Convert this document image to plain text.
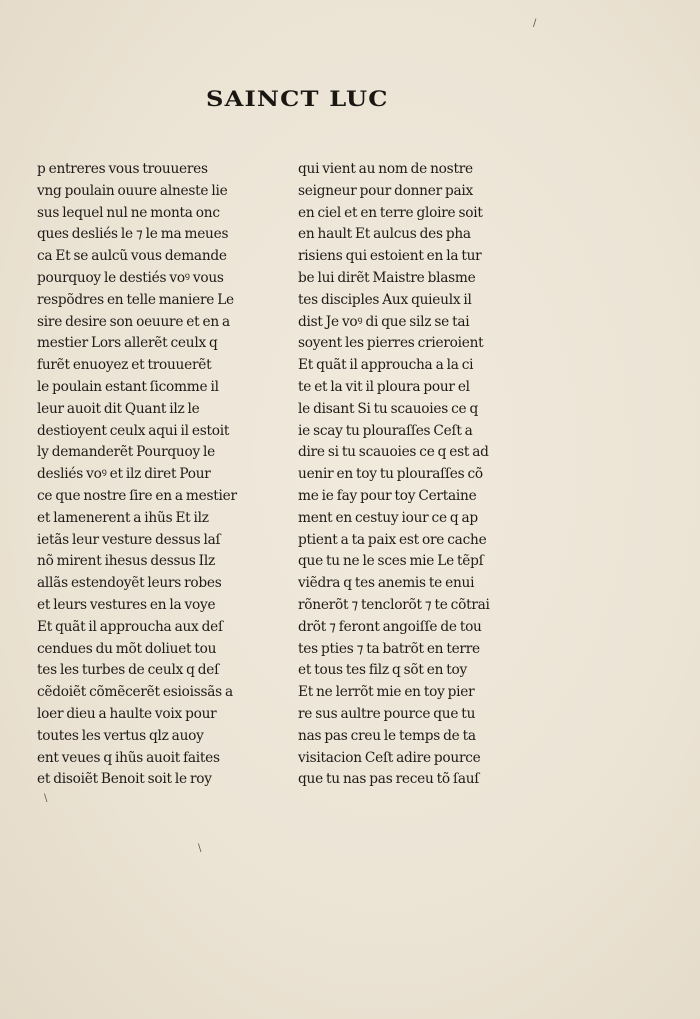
SAINCT LUC
p entreres vous trouueres
vng poulain ouure alneste lie
sus lequel nul ne monta onc
ques desliés le ⁊ le ma meues
ca Et se aulcũ vous demande
pourquoy le destiés voꝰ vous
respõdres en telle maniere Le
sire desire son oeuure et en a
mestier Lors allerẽt ceulx q
furẽt enuoyez et trouuerẽt
le poulain estant ſicomme il
leur auoit dit Quant ilz le
destioyent ceulx aqui il estoit
ly demanderẽt Pourquoy le
desliés voꝰ et ilz diret Pour
ce que nostre ſire en a mestier
et lamenerent a ihũs Et ilz
ietãs leur vesture dessus laſ
nõ mirent ihesus dessus Ilz
allãs estendoyẽt leurs robes
et leurs vestures en la voye
Et quãt il approucha aux deſ
cendues du mõt doliuet tou
tes les turbes de ceulx q deſ
cẽdoiẽt cõmẽcerẽt esioissãs a
loer dieu a haulte voix pour
toutes les vertus qlz auoy
ent veues q ihũs auoit faites
et disoiẽt Benoit soit le roy
qui vient au nom de nostre
seigneur pour donner paix
en ciel et en terre gloire soit
en hault Et aulcus des pha
risiens qui estoient en la tur
be lui dirẽt Maistre blasme
tes disciples Aux quieulx il
dist Je voꝰ di que silz se tai
soyent les pierres crieroient
Et quãt il approucha a la ci
te et la vit il ploura pour el
le disant Si tu scauoies ce q
ie scay tu plouraſſes Ceſt a
dire si tu scauoies ce q est ad
uenir en toy tu plouraſſes cõ
me ie fay pour toy Certaine
ment en cestuy iour ce q ap
ptient a ta paix est ore cache
que tu ne le sces mie Le tẽpſ
viẽdra q tes anemis te enui
rõnerõt ⁊ tenclorõt ⁊ te cõtrai
drõt ⁊ feront angoiſſe de tou
tes pties ⁊ ta batrõt en terre
et tous tes filz q sõt en toy
Et ne lerrõt mie en toy pier
re sus aultre pource que tu
nas pas creu le temps de ta
visitacion Ceſt adire pource
que tu nas pas receu tõ ſauſ
/
\
\
